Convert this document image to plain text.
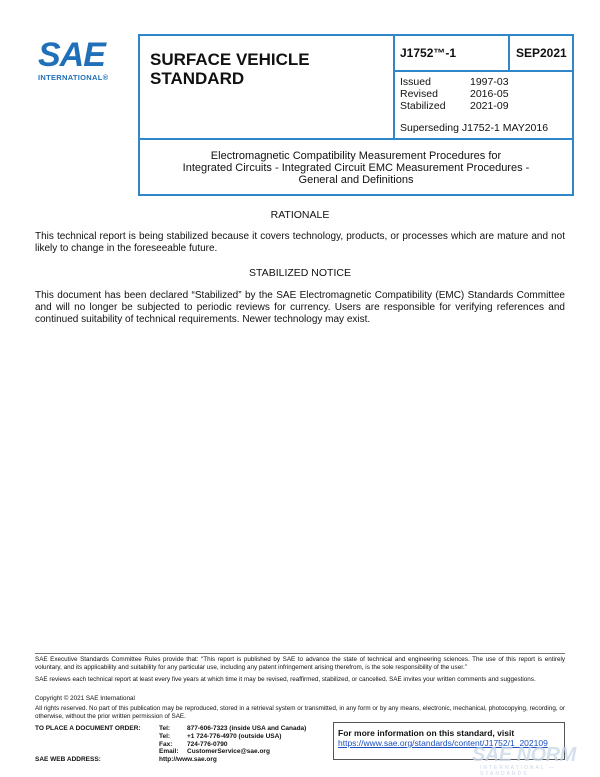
SAE
INTERNATIONAL®
SURFACE VEHICLE
STANDARD
J1752™-1	SEP2021
Issued	1997-03
Revised	2016-05
Stabilized	2021-09
Superseding J1752-1 MAY2016
Electromagnetic Compatibility Measurement Procedures for
Integrated Circuits - Integrated Circuit EMC Measurement Procedures -
General and Definitions
RATIONALE
This technical report is being stabilized because it covers technology, products, or processes which are mature and not likely to change in the foreseeable future.
STABILIZED NOTICE
This document has been declared “Stabilized” by the SAE Electromagnetic Compatibility (EMC) Standards Committee and will no longer be subjected to periodic reviews for currency. Users are responsible for verifying references and continued suitability of technical requirements. Newer technology may exist.
SAE Executive Standards Committee Rules provide that: “This report is published by SAE to advance the state of technical and engineering sciences. The use of this report is entirely voluntary, and its applicability and suitability for any particular use, including any patent infringement arising therefrom, is the sole responsibility of the user.”
SAE reviews each technical report at least every five years at which time it may be revised, reaffirmed, stabilized, or cancelled. SAE invites your written comments and suggestions.
Copyright © 2021 SAE International
All rights reserved. No part of this publication may be reproduced, stored in a retrieval system or transmitted, in any form or by any means, electronic, mechanical, photocopying, recording, or otherwise, without the prior written permission of SAE.
TO PLACE A DOCUMENT ORDER:	Tel:	877-606-7323 (inside USA and Canada)
	Tel:	+1 724-776-4970 (outside USA)
	Fax:	724-776-0790
	Email:	CustomerService@sae.org
SAE WEB ADDRESS:	http://www.sae.org	
For more information on this standard, visit
https://www.sae.org/standards/content/J1752/1_202109
SAE NORM
INTERNATIONAL — STANDARDS
